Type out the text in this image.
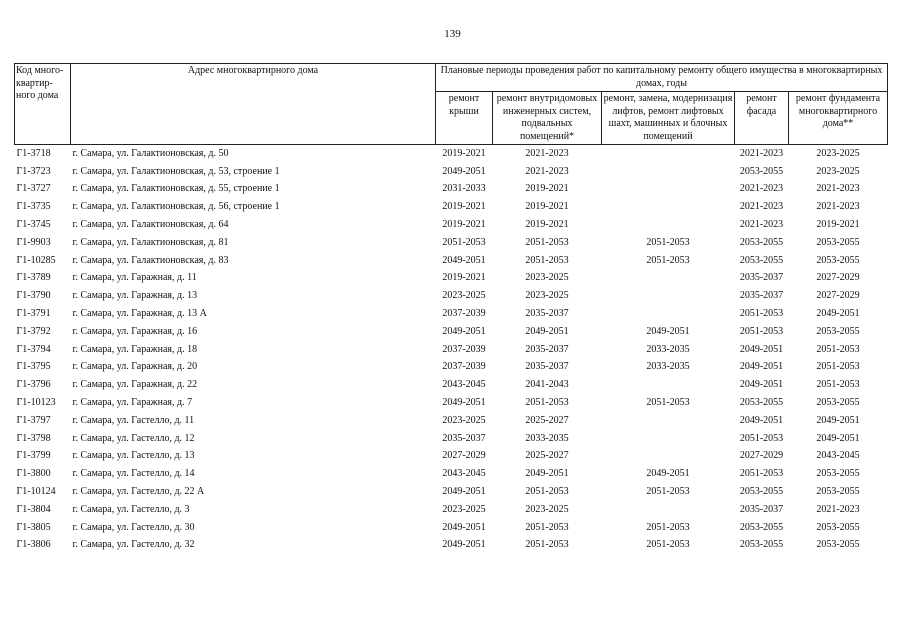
139
Код много-квартир-ного дома	Адрес многоквартирного дома	Плановые периоды проведения работ по капитальному ремонту общего имущества в многоквартирных домах, годы				
		ремонт крыши	ремонт внутридомовых инженерных систем, подвальных помещений*	ремонт, замена, модернизация лифтов, ремонт лифтовых шахт, машинных и блочных помещений	ремонт фасада	ремонт фундамента многоквартирного дома**
Г1-3718	г. Самара, ул. Галактионовская, д. 50	2019-2021	2021-2023		2021-2023	2023-2025
Г1-3723	г. Самара, ул. Галактионовская, д. 53, строение 1	2049-2051	2021-2023		2053-2055	2023-2025
Г1-3727	г. Самара, ул. Галактионовская, д. 55, строение 1	2031-2033	2019-2021		2021-2023	2021-2023
Г1-3735	г. Самара, ул. Галактионовская, д. 56, строение 1	2019-2021	2019-2021		2021-2023	2021-2023
Г1-3745	г. Самара, ул. Галактионовская, д. 64	2019-2021	2019-2021		2021-2023	2019-2021
Г1-9903	г. Самара, ул. Галактионовская, д. 81	2051-2053	2051-2053	2051-2053	2053-2055	2053-2055
Г1-10285	г. Самара, ул. Галактионовская, д. 83	2049-2051	2051-2053	2051-2053	2053-2055	2053-2055
Г1-3789	г. Самара, ул. Гаражная, д. 11	2019-2021	2023-2025		2035-2037	2027-2029
Г1-3790	г. Самара, ул. Гаражная, д. 13	2023-2025	2023-2025		2035-2037	2027-2029
Г1-3791	г. Самара, ул. Гаражная, д. 13 А	2037-2039	2035-2037		2051-2053	2049-2051
Г1-3792	г. Самара, ул. Гаражная, д. 16	2049-2051	2049-2051	2049-2051	2051-2053	2053-2055
Г1-3794	г. Самара, ул. Гаражная, д. 18	2037-2039	2035-2037	2033-2035	2049-2051	2051-2053
Г1-3795	г. Самара, ул. Гаражная, д. 20	2037-2039	2035-2037	2033-2035	2049-2051	2051-2053
Г1-3796	г. Самара, ул. Гаражная, д. 22	2043-2045	2041-2043		2049-2051	2051-2053
Г1-10123	г. Самара, ул. Гаражная, д. 7	2049-2051	2051-2053	2051-2053	2053-2055	2053-2055
Г1-3797	г. Самара, ул. Гастелло, д. 11	2023-2025	2025-2027		2049-2051	2049-2051
Г1-3798	г. Самара, ул. Гастелло, д. 12	2035-2037	2033-2035		2051-2053	2049-2051
Г1-3799	г. Самара, ул. Гастелло, д. 13	2027-2029	2025-2027		2027-2029	2043-2045
Г1-3800	г. Самара, ул. Гастелло, д. 14	2043-2045	2049-2051	2049-2051	2051-2053	2053-2055
Г1-10124	г. Самара, ул. Гастелло, д. 22 А	2049-2051	2051-2053	2051-2053	2053-2055	2053-2055
Г1-3804	г. Самара, ул. Гастелло, д. 3	2023-2025	2023-2025		2035-2037	2021-2023
Г1-3805	г. Самара, ул. Гастелло, д. 30	2049-2051	2051-2053	2051-2053	2053-2055	2053-2055
Г1-3806	г. Самара, ул. Гастелло, д. 32	2049-2051	2051-2053	2051-2053	2053-2055	2053-2055
